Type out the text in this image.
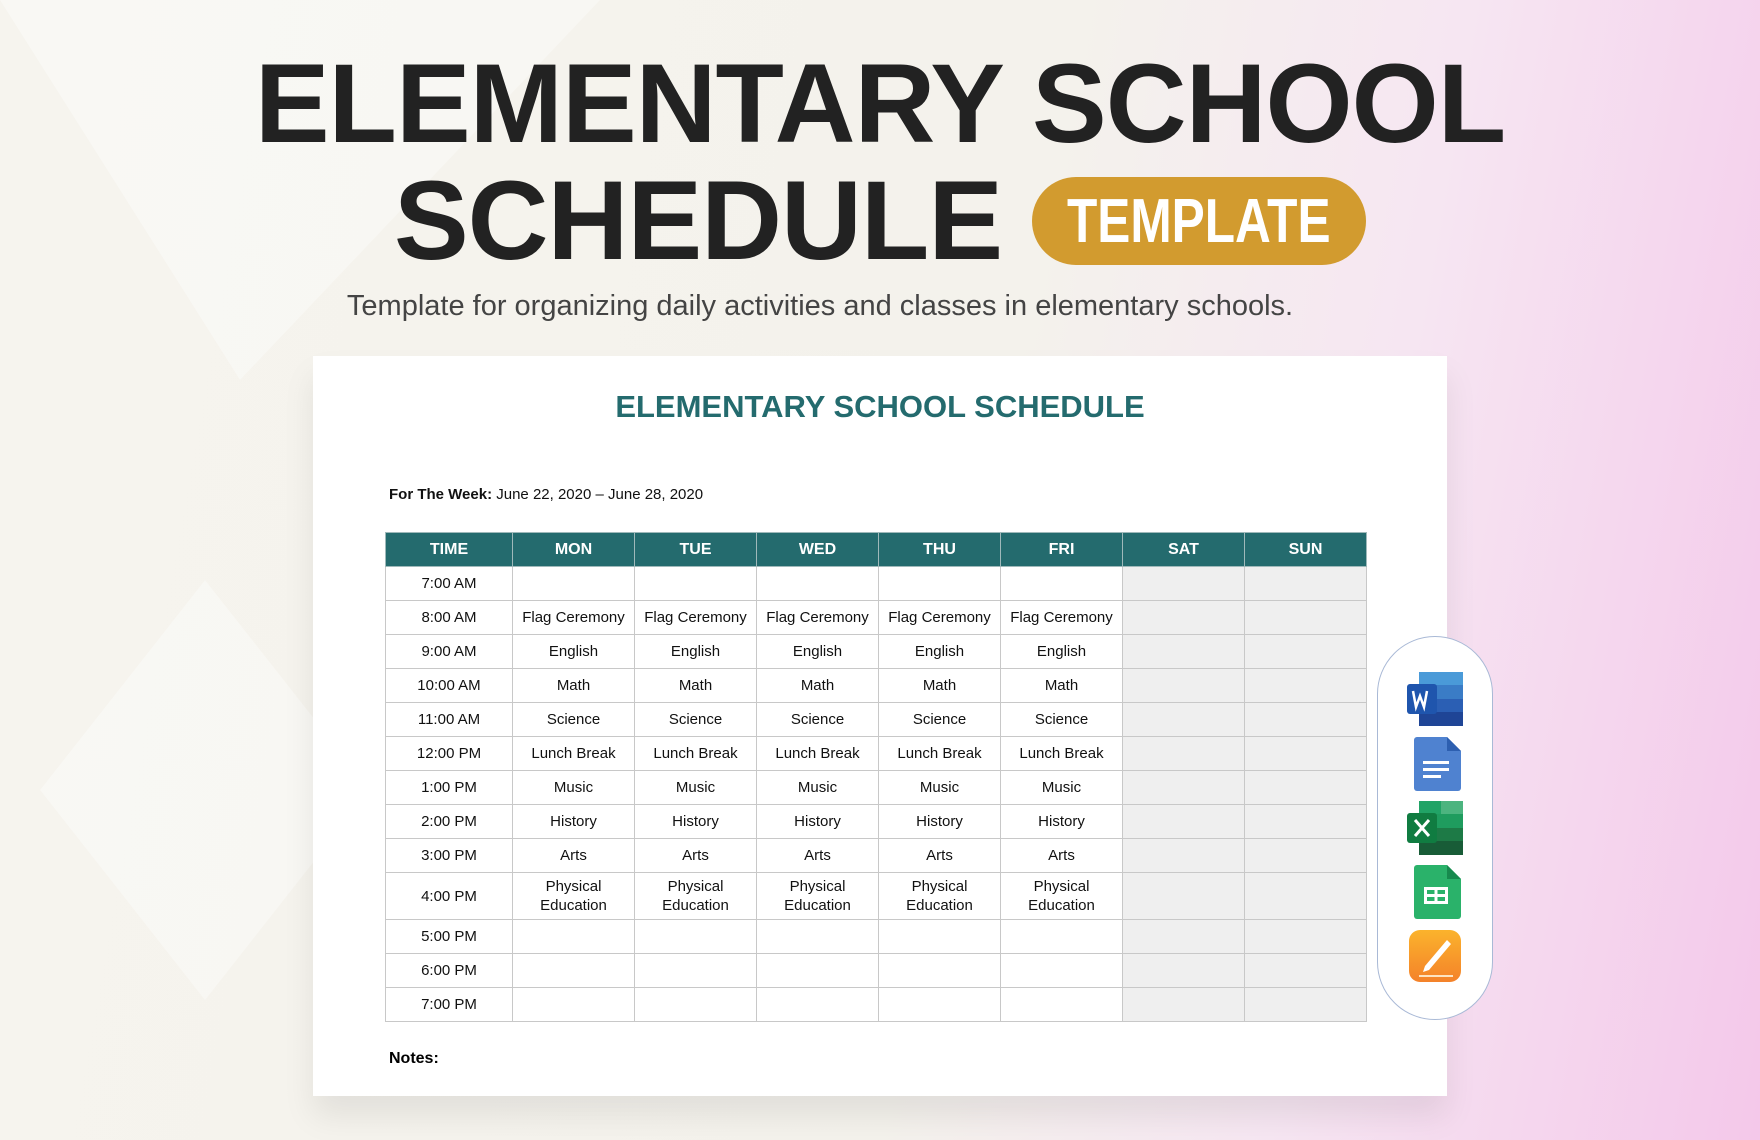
ELEMENTARY SCHOOL
SCHEDULE TEMPLATE
Template for organizing daily activities and classes in elementary schools.
ELEMENTARY SCHOOL SCHEDULE
For The Week: June 22, 2020 – June 28, 2020
TIME	MON	TUE	WED	THU	FRI	SAT	SUN
7:00 AM							
8:00 AM	Flag Ceremony	Flag Ceremony	Flag Ceremony	Flag Ceremony	Flag Ceremony		
9:00 AM	English	English	English	English	English		
10:00 AM	Math	Math	Math	Math	Math		
11:00 AM	Science	Science	Science	Science	Science		
12:00 PM	Lunch Break	Lunch Break	Lunch Break	Lunch Break	Lunch Break		
1:00 PM	Music	Music	Music	Music	Music		
2:00 PM	History	History	History	History	History		
3:00 PM	Arts	Arts	Arts	Arts	Arts		
4:00 PM	Physical Education	Physical Education	Physical Education	Physical Education	Physical Education		
5:00 PM							
6:00 PM							
7:00 PM							
Notes:
